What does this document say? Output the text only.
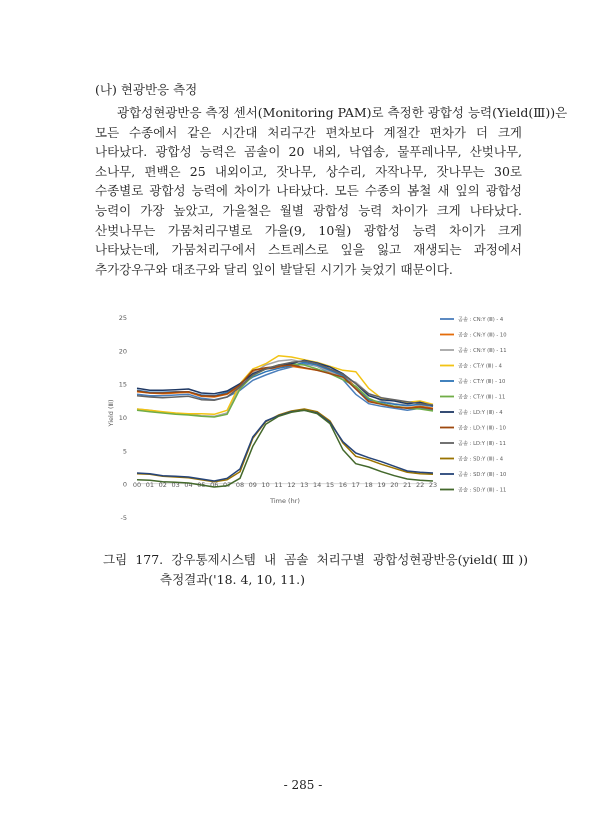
(나) 현광반응 측정
광합성현광반응 측정 센서(Monitoring PAM)로 측정한 광합성 능력(Yield(Ⅲ))은
모든 수종에서 같은 시간대 처리구간 편차보다 계절간 편차가 더 크게
나타났다. 광합성 능력은 곰솔이 20 내외, 낙엽송, 물푸레나무, 산벚나무,
소나무, 편백은 25 내외이고, 잣나무, 상수리, 자작나무, 잣나무는 30로
수종별로 광합성 능력에 차이가 나타났다. 모든 수종의 봄철 새 잎의 광합성
능력이 가장 높았고, 가을철은 월별 광합성 능력 차이가 크게 나타났다.
산벚나무는 가뭄처리구별로 가을(9, 10월) 광합성 능력 차이가 크게
나타났는데, 가뭄처리구에서 스트레스로 잎을 잃고 재생되는 과정에서
추가강우구와 대조구와 달리 잎이 발달된 시기가 늦었기 때문이다.
-5
0
5
10
15
20
25
00 01 02 03 04 05 06 07 08 09 10 11 12 13 14 15 16 17 18 19 20 21 22 23
Time (hr)
Yield (Ⅲ)
곰솔 : CN:Y (Ⅲ) - 4
곰솔 : CN:Y (Ⅲ) - 10
곰솔 : CN:Y (Ⅲ) - 11
곰솔 : CT:Y (Ⅲ) - 4
곰솔 : CT:Y (Ⅲ) - 10
곰솔 : CT:Y (Ⅲ) - 11
곰솔 : LD:Y (Ⅲ) - 4
곰솔 : LD:Y (Ⅲ) - 10
곰솔 : LD:Y (Ⅲ) - 11
곰솔 : SD:Y (Ⅲ) - 4
곰솔 : SD:Y (Ⅲ) - 10
곰솔 : SD:Y (Ⅲ) - 11
그림 177. 강우통제시스템 내 곰솔 처리구별 광합성현광반응(yield(Ⅲ))
측정결과('18. 4, 10, 11.)
- 285 -
